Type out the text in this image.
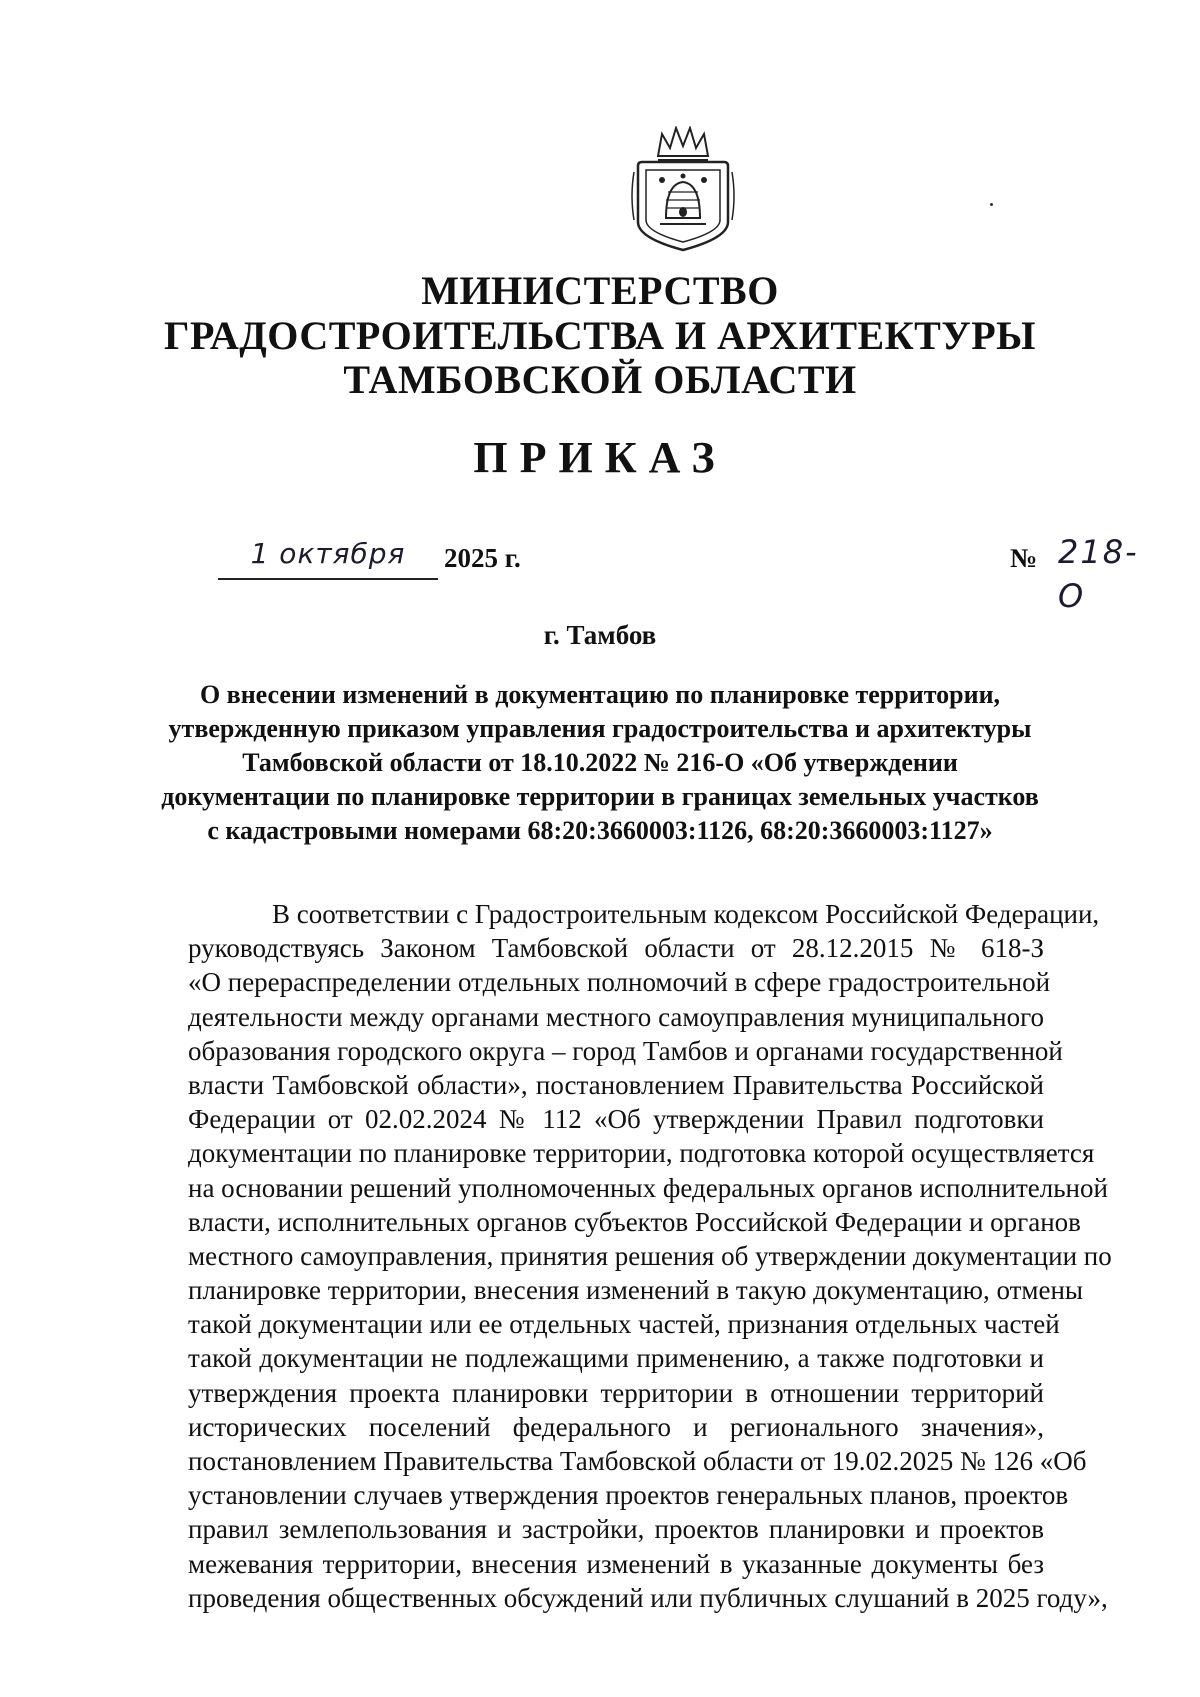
МИНИСТЕРСТВО
ГРАДОСТРОИТЕЛЬСТВА И АРХИТЕКТУРЫ
ТАМБОВСКОЙ ОБЛАСТИ
ПРИКАЗ
1 октября	2025 г.	№ 218-О
г. Тамбов
О внесении изменений в документацию по планировке территории,
утвержденную приказом управления градостроительства и архитектуры
Тамбовской области от 18.10.2022 № 216-О «Об утверждении
документации по планировке территории в границах земельных участков
с кадастровыми номерами 68:20:3660003:1126, 68:20:3660003:1127»
В соответствии с Градостроительным кодексом Российской Федерации,
руководствуясь Законом Тамбовской области от 28.12.2015 № 618-З
«О перераспределении отдельных полномочий в сфере градостроительной
деятельности между органами местного самоуправления муниципального
образования городского округа – город Тамбов и органами государственной
власти Тамбовской области», постановлением Правительства Российской
Федерации от 02.02.2024 № 112 «Об утверждении Правил подготовки
документации по планировке территории, подготовка которой осуществляется
на основании решений уполномоченных федеральных органов исполнительной
власти, исполнительных органов субъектов Российской Федерации и органов
местного самоуправления, принятия решения об утверждении документации по
планировке территории, внесения изменений в такую документацию, отмены
такой документации или ее отдельных частей, признания отдельных частей
такой документации не подлежащими применению, а также подготовки и
утверждения проекта планировки территории в отношении территорий
исторических поселений федерального и регионального значения»,
постановлением Правительства Тамбовской области от 19.02.2025 № 126 «Об
установлении случаев утверждения проектов генеральных планов, проектов
правил землепользования и застройки, проектов планировки и проектов
межевания территории, внесения изменений в указанные документы без
проведения общественных обсуждений или публичных слушаний в 2025 году»,
